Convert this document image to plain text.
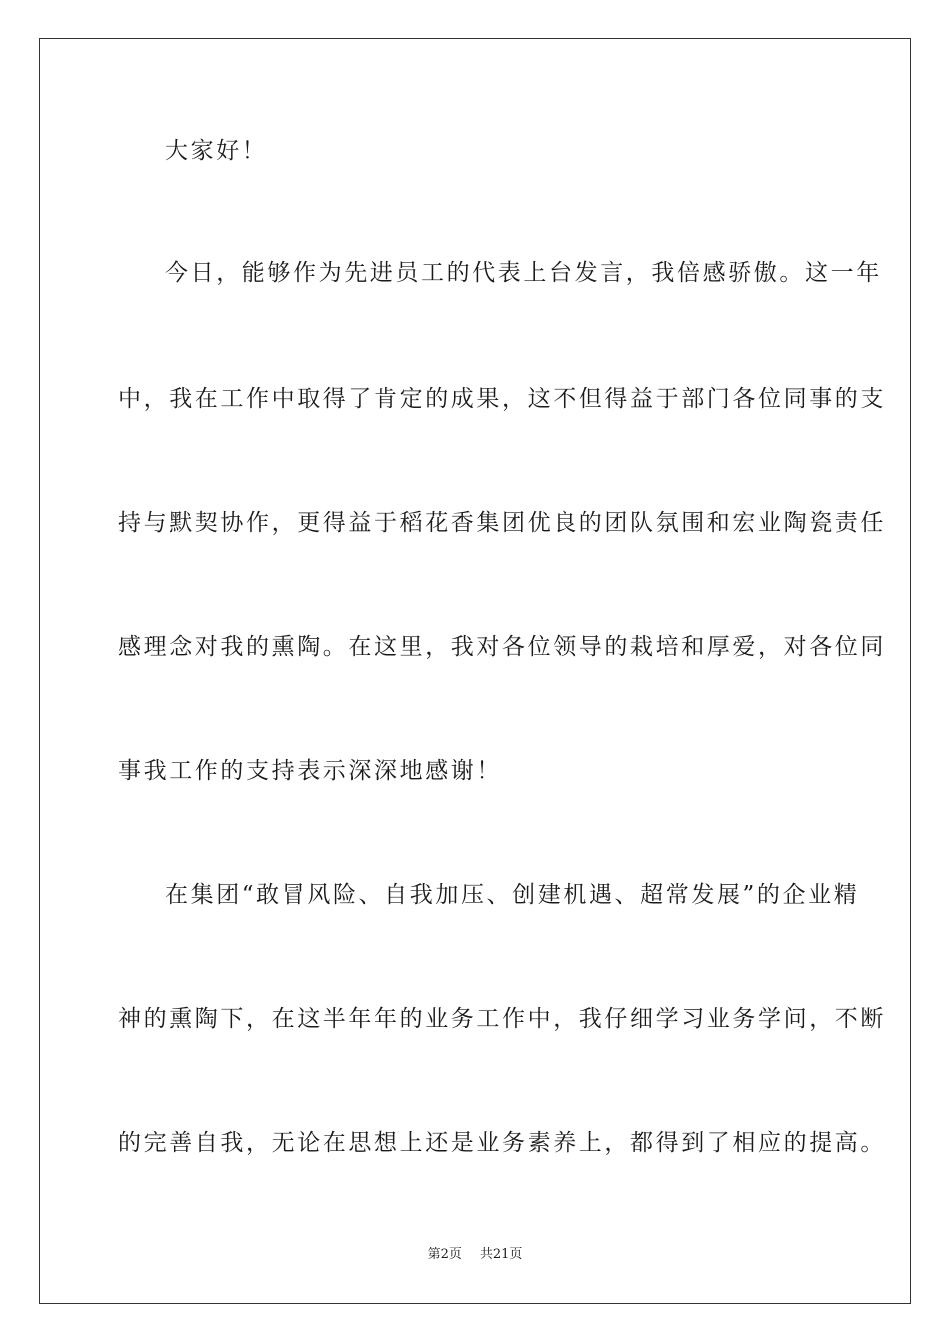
大家好！
今日，能够作为先进员工的代表上台发言，我倍感骄傲。这一年
中，我在工作中取得了肯定的成果，这不但得益于部门各位同事的支
持与默契协作，更得益于稻花香集团优良的团队氛围和宏业陶瓷责任
感理念对我的熏陶。在这里，我对各位领导的栽培和厚爱，对各位同
事我工作的支持表示深深地感谢！
在集团“敢冒风险、自我加压、创建机遇、超常发展”的企业精
神的熏陶下，在这半年年的业务工作中，我仔细学习业务学问，不断
的完善自我，无论在思想上还是业务素养上，都得到了相应的提高。
第2页 共21页
